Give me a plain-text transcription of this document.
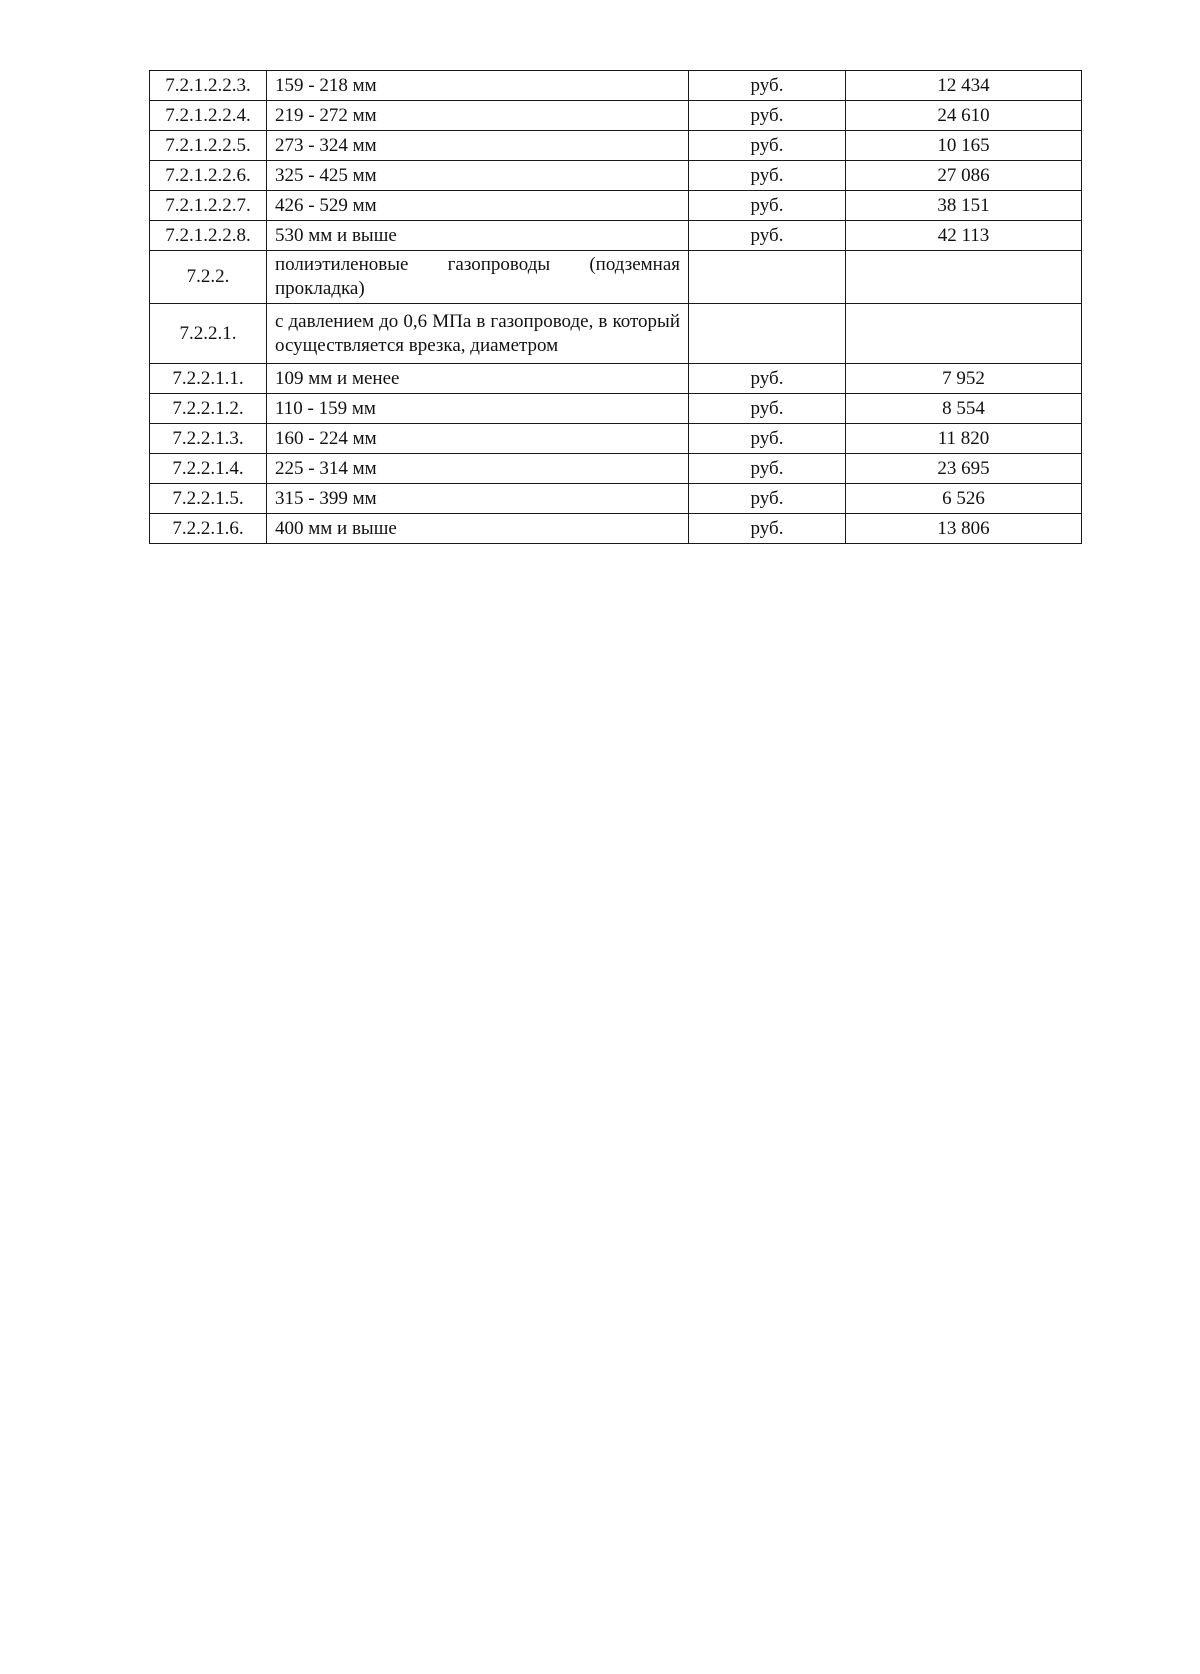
7.2.1.2.2.3.	159 - 218 мм	руб.	12 434
7.2.1.2.2.4.	219 - 272 мм	руб.	24 610
7.2.1.2.2.5.	273 - 324 мм	руб.	10 165
7.2.1.2.2.6.	325 - 425 мм	руб.	27 086
7.2.1.2.2.7.	426 - 529 мм	руб.	38 151
7.2.1.2.2.8.	530 мм и выше	руб.	42 113
7.2.2.	полиэтиленовые газопроводы (подземная прокладка)		
7.2.2.1.	с давлением до 0,6 МПа в газопроводе, в который осуществляется врезка, диаметром		
7.2.2.1.1.	109 мм и менее	руб.	7 952
7.2.2.1.2.	110 - 159 мм	руб.	8 554
7.2.2.1.3.	160 - 224 мм	руб.	11 820
7.2.2.1.4.	225 - 314 мм	руб.	23 695
7.2.2.1.5.	315 - 399 мм	руб.	6 526
7.2.2.1.6.	400 мм и выше	руб.	13 806
